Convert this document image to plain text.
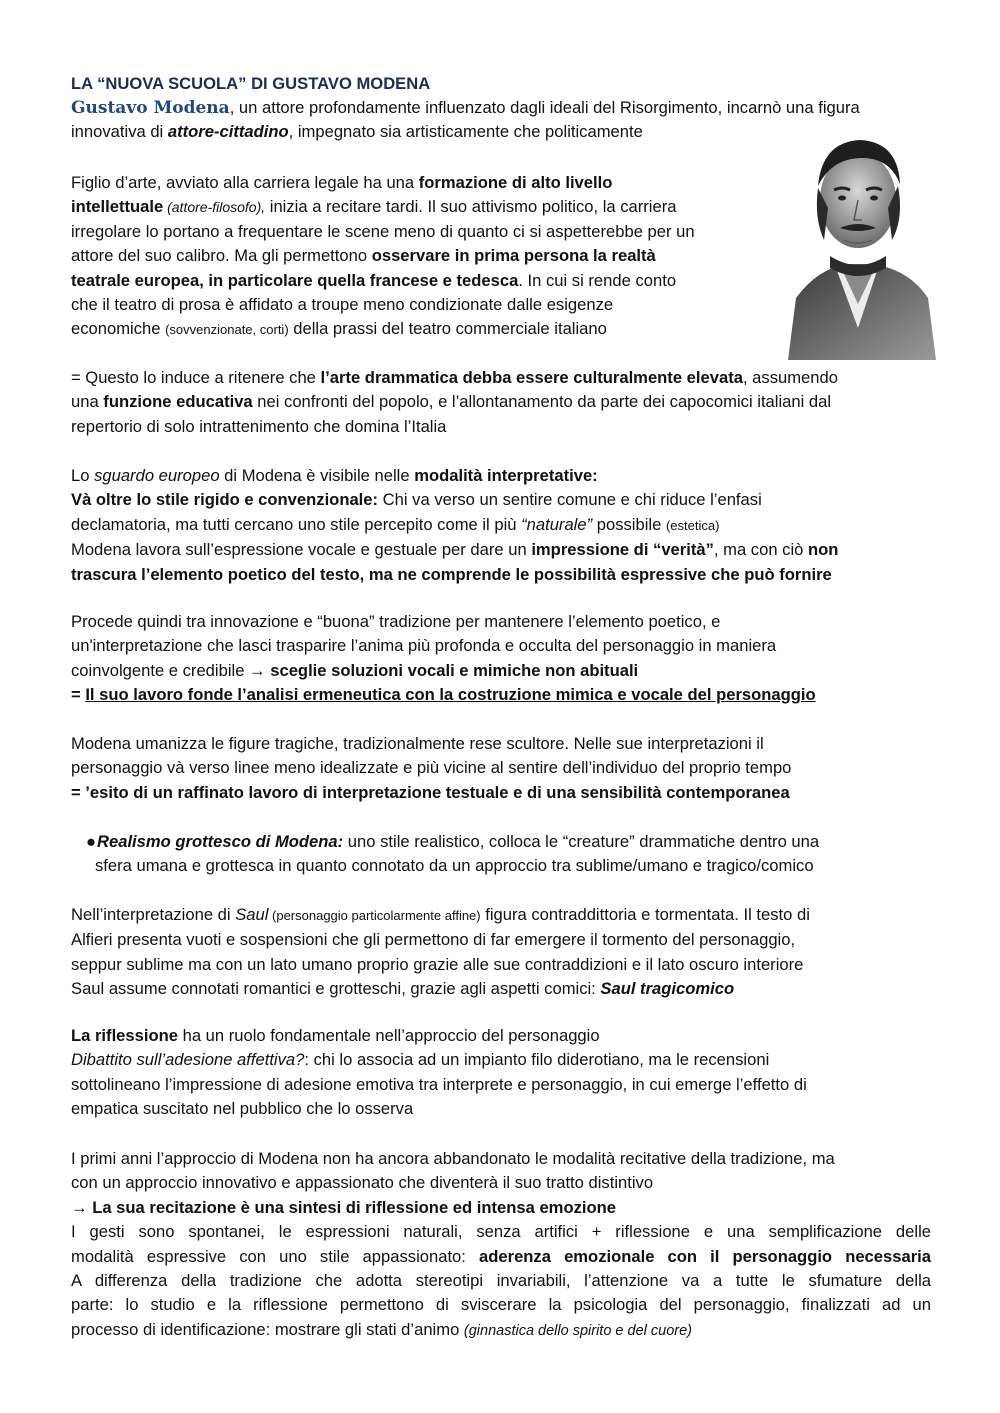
LA “NUOVA SCUOLA” DI GUSTAVO MODENA
Gustavo Modena, un attore profondamente influenzato dagli ideali del Risorgimento, incarnò una figura
innovativa di attore-cittadino, impegnato sia artisticamente che politicamente
Figlio d’arte, avviato alla carriera legale ha una formazione di alto livello
intellettuale (attore-filosofo), inizia a recitare tardi. Il suo attivismo politico, la carriera
irregolare lo portano a frequentare le scene meno di quanto ci si aspetterebbe per un
attore del suo calibro. Ma gli permettono osservare in prima persona la realtà
teatrale europea, in particolare quella francese e tedesca. In cui si rende conto
che il teatro di prosa è affidato a troupe meno condizionate dalle esigenze
economiche (sovvenzionate, corti) della prassi del teatro commerciale italiano
= Questo lo induce a ritenere che l’arte drammatica debba essere culturalmente elevata, assumendo
una funzione educativa nei confronti del popolo, e l’allontanamento da parte dei capocomici italiani dal
repertorio di solo intrattenimento che domina l’Italia
Lo sguardo europeo di Modena è visibile nelle modalità interpretative:
Và oltre lo stile rigido e convenzionale: Chi va verso un sentire comune e chi riduce l’enfasi
declamatoria, ma tutti cercano uno stile percepito come il più “naturale” possibile (estetica)
Modena lavora sull’espressione vocale e gestuale per dare un impressione di “verità”, ma con ciò non
trascura l’elemento poetico del testo, ma ne comprende le possibilità espressive che può fornire
Procede quindi tra innovazione e “buona” tradizione per mantenere l’elemento poetico, e
un'interpretazione che lasci trasparire l’anima più profonda e occulta del personaggio in maniera
coinvolgente e credibile → sceglie soluzioni vocali e mimiche non abituali
= Il suo lavoro fonde l’analisi ermeneutica con la costruzione mimica e vocale del personaggio
Modena umanizza le figure tragiche, tradizionalmente rese scultore. Nelle sue interpretazioni il
personaggio và verso linee meno idealizzate e più vicine al sentire dell’individuo del proprio tempo
= ’esito di un raffinato lavoro di interpretazione testuale e di una sensibilità contemporanea
●Realismo grottesco di Modena: uno stile realistico, colloca le “creature” drammatiche dentro una
sfera umana e grottesca in quanto connotato da un approccio tra sublime/umano e tragico/comico
Nell’interpretazione di Saul (personaggio particolarmente affine) figura contraddittoria e tormentata. Il testo di
Alfieri presenta vuoti e sospensioni che gli permettono di far emergere il tormento del personaggio,
seppur sublime ma con un lato umano proprio grazie alle sue contraddizioni e il lato oscuro interiore
Saul assume connotati romantici e grotteschi, grazie agli aspetti comici: Saul tragicomico
La riflessione ha un ruolo fondamentale nell’approccio del personaggio
Dibattito sull’adesione affettiva?: chi lo associa ad un impianto filo diderotiano, ma le recensioni
sottolineano l’impressione di adesione emotiva tra interprete e personaggio, in cui emerge l’effetto di
empatica suscitato nel pubblico che lo osserva
I primi anni l’approccio di Modena non ha ancora abbandonato le modalità recitative della tradizione, ma
con un approccio innovativo e appassionato che diventerà il suo tratto distintivo
→ La sua recitazione è una sintesi di riflessione ed intensa emozione
I gesti sono spontanei, le espressioni naturali, senza artifici + riflessione e una semplificazione delle
modalità espressive con uno stile appassionato: aderenza emozionale con il personaggio necessaria
A differenza della tradizione che adotta stereotipi invariabili, l’attenzione va a tutte le sfumature della
parte: lo studio e la riflessione permettono di sviscerare la psicologia del personaggio, finalizzati ad un
processo di identificazione: mostrare gli stati d’animo (ginnastica dello spirito e del cuore)
